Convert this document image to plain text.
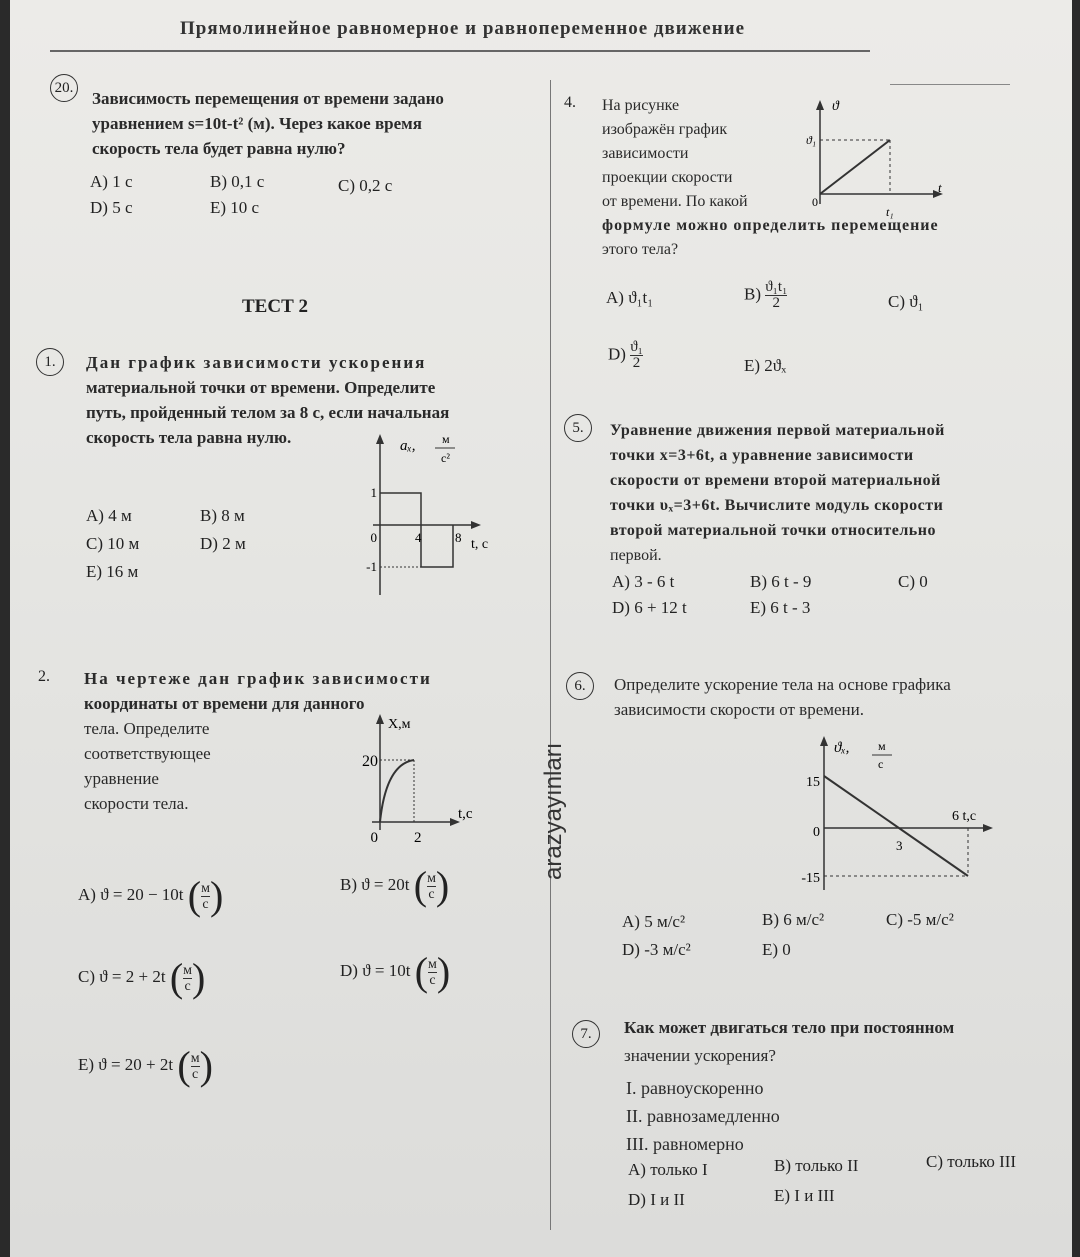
Прямолинейное равномерное и равнопеременное движение
20.
Зависимость перемещения от времени задано
уравнением s=10t-t² (м). Через какое время
скорость тела будет равна нулю?
A) 1 с	B) 0,1 с	C) 0,2 с
D) 5 с	E) 10 с
ТЕСТ 2
1.	Дан график зависимости ускорения
материальной точки от времени. Определите
путь, пройденный телом за 8 с, если начальная
скорость тела равна нулю.
A) 4 м	B) 8 м
C) 10 м	D) 2 м
E) 16 м
aₓ, м
c²
1
0
-1
4	8 t, c
2. На чертеже дан график зависимости
координаты от времени для данного
тела. Определите
соответствующее
уравнение
скорости тела.
X,м
20
0 2
t,c
A) ϑ = 20 − 10t ( $\frac{м}{с}$ )	B) ϑ = 20t ( $\frac{м}{с}$ )
C) ϑ = 2 + 2t ( $\frac{м}{с}$ )	D) ϑ = 10t ( $\frac{м}{с}$ )
E) ϑ = 20 + 2t ( $\frac{м}{с}$ )
arazyayınları
4. На рисунке
изображён график
зависимости
проекции скорости
от времени. По какой
формуле можно определить перемещение
этого тела?
ϑ
ϑ₁
0
t
t₁
A) ϑ₁t₁	$B) \frac{\text{ϑ₁t₁}}{2}$	C) ϑ₁
$D) \frac{\text{ϑ₁}}{2}$	E) 2ϑₓ
5.	Уравнение движения первой материальной
точки x=3+6t, а уравнение зависимости
скорости от времени второй материальной
точки υₓ=3+6t. Вычислите модуль скорости
второй материальной точки относительно
первой.
A) 3 - 6 t	B) 6 t - 9	C) 0
D) 6 + 12 t	E) 6 t - 3
6.	Определите ускорение тела на основе графика
зависимости скорости от времени.
ϑₓ, м
с
15
0
-15
3
6 t,c
A) 5 м/с²	B) 6 м/с²	C) -5 м/с²
D) -3 м/с²	E) 0
7.	Как может двигаться тело при постоянном
значении ускорения?
I. равноускоренно
II. равнозамедленно
III. равномерно
A) только I	B) только II	C) только III
D) I и II	E) I и III
